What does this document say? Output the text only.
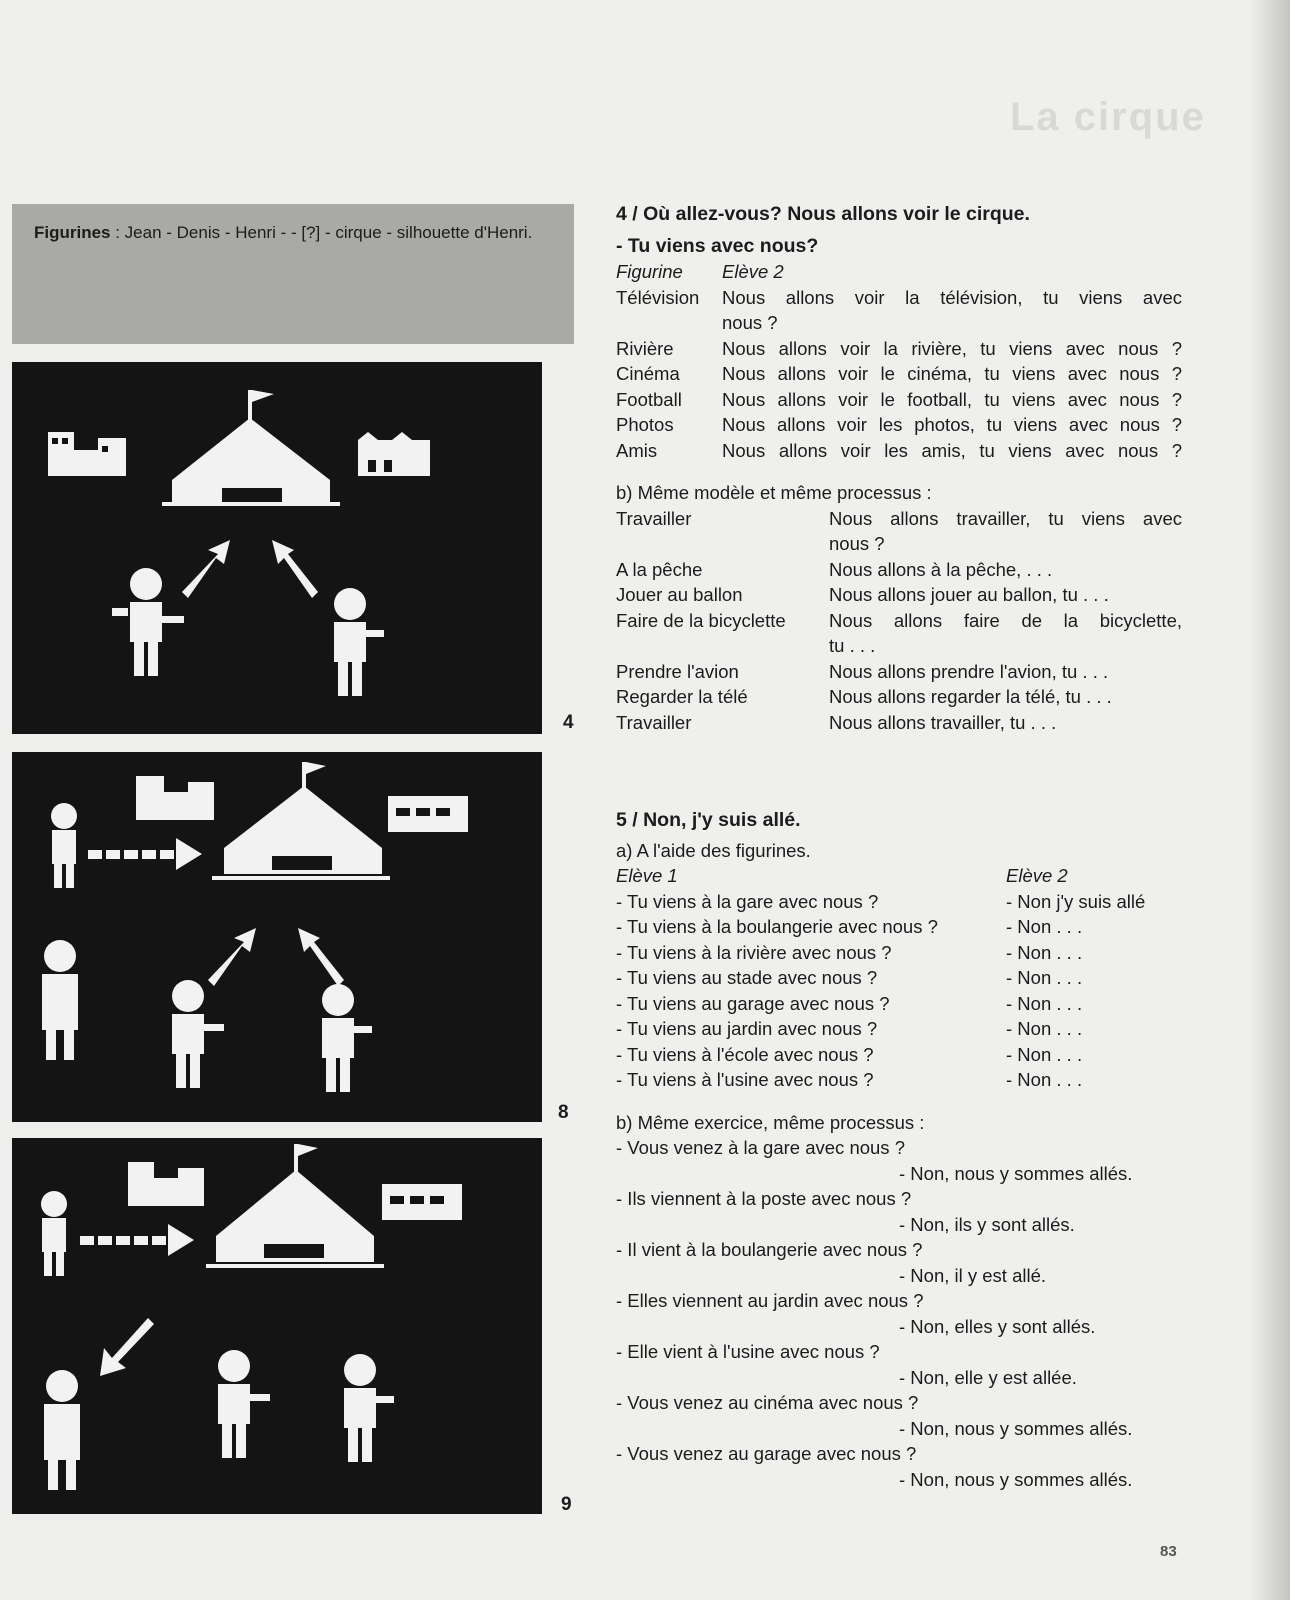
La cirque
Figurines : Jean - Denis - Henri - - [?] - cirque - silhouette d'Henri.
4
8
9
4 / Où allez-vous? Nous allons voir le cirque.
- Tu viens avec nous?
Figurine	Elève 2
Télévision	Nous allons voir la télévision, tu viens avec
nous ?
Rivière	Nous allons voir la rivière, tu viens avec nous ?
Cinéma	Nous allons voir le cinéma, tu viens avec nous ?
Football	Nous allons voir le football, tu viens avec nous ?
Photos	Nous allons voir les photos, tu viens avec nous ?
Amis	Nous allons voir les amis, tu viens avec nous ?
b) Même modèle et même processus :
Travailler	Nous allons travailler, tu viens avec
nous ?
A la pêche	Nous allons à la pêche, . . .
Jouer au ballon	Nous allons jouer au ballon, tu . . .
Faire de la bicyclette	Nous allons faire de la bicyclette,
tu . . .
Prendre l'avion	Nous allons prendre l'avion, tu . . .
Regarder la télé	Nous allons regarder la télé, tu . . .
Travailler	Nous allons travailler, tu . . .
5 / Non, j'y suis allé.
a) A l'aide des figurines.
Elève 1	Elève 2
- Tu viens à la gare avec nous ?	- Non j'y suis allé
- Tu viens à la boulangerie avec nous ?	- Non . . .
- Tu viens à la rivière avec nous ?	- Non . . .
- Tu viens au stade avec nous ?	- Non . . .
- Tu viens au garage avec nous ?	- Non . . .
- Tu viens au jardin avec nous ?	- Non . . .
- Tu viens à l'école avec nous ?	- Non . . .
- Tu viens à l'usine avec nous ?	- Non . . .
b) Même exercice, même processus :
- Vous venez à la gare avec nous ?
- Non, nous y sommes allés.
- Ils viennent à la poste avec nous ?
- Non, ils y sont allés.
- Il vient à la boulangerie avec nous ?
- Non, il y est allé.
- Elles viennent au jardin avec nous ?
- Non, elles y sont allés.
- Elle vient à l'usine avec nous ?
- Non, elle y est allée.
- Vous venez au cinéma avec nous ?
- Non, nous y sommes allés.
- Vous venez au garage avec nous ?
- Non, nous y sommes allés.
83
